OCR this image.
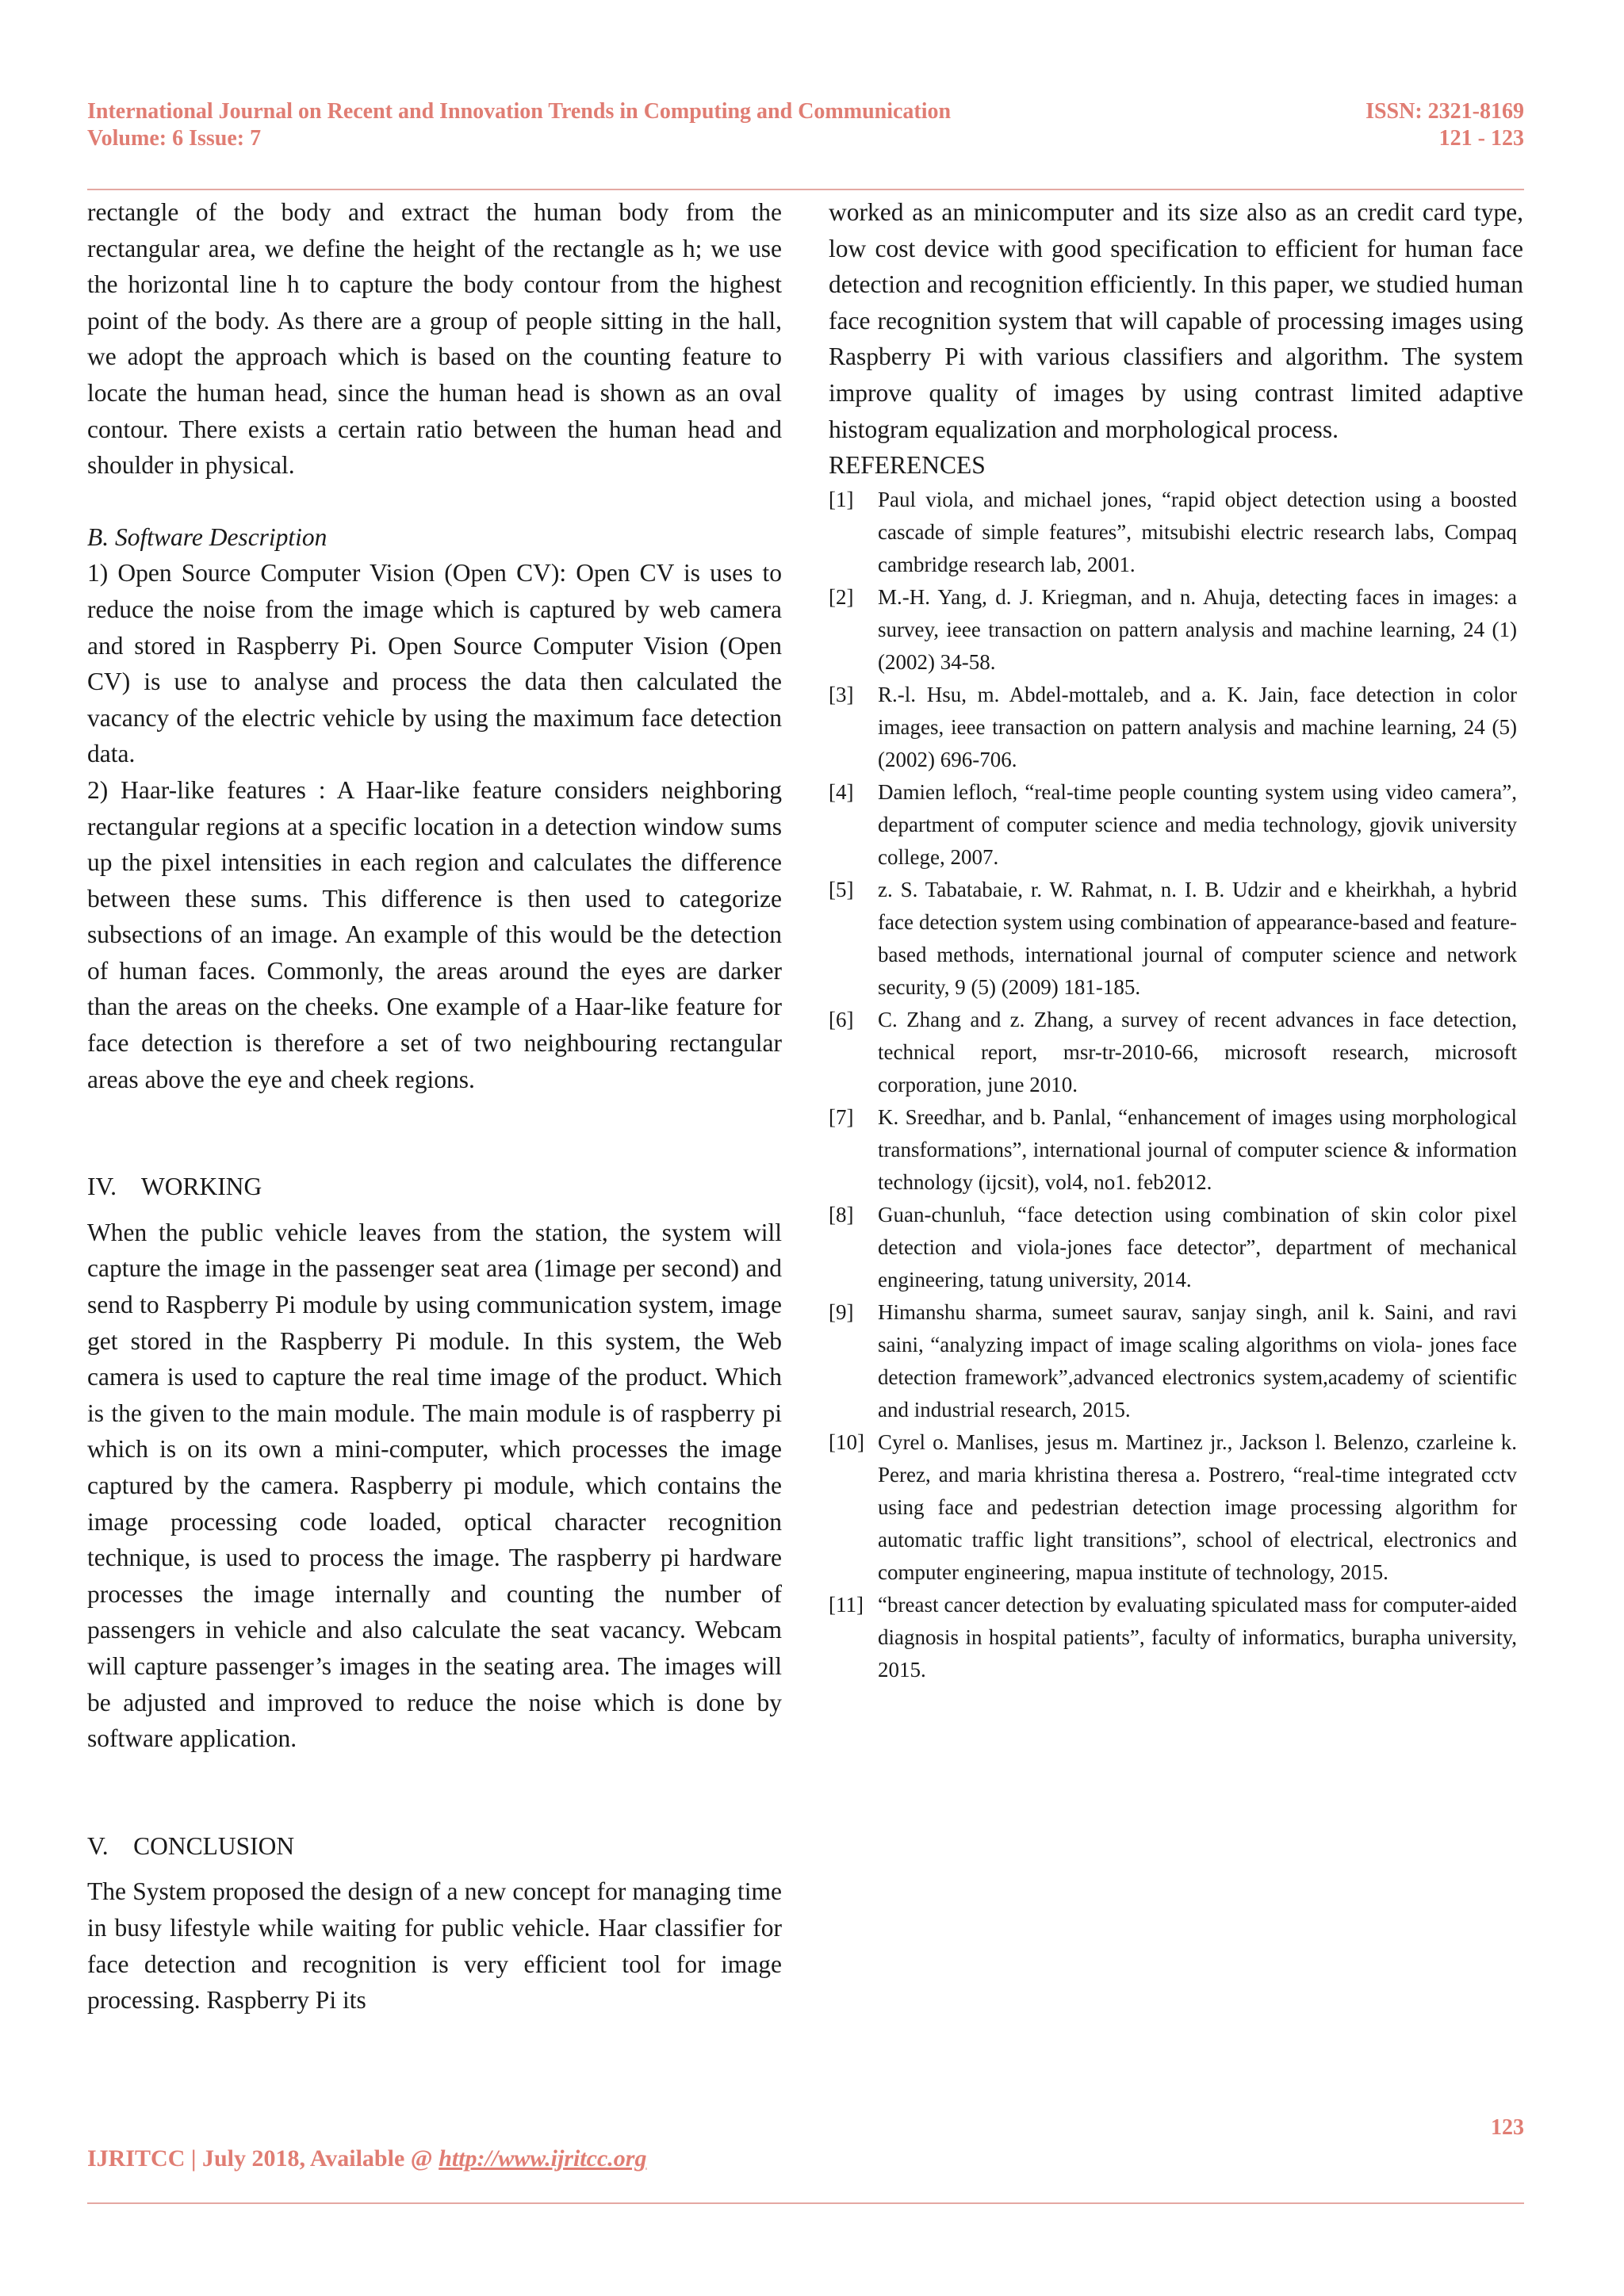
International Journal on Recent and Innovation Trends in Computing and Communication	ISSN: 2321-8169
Volume: 6 Issue: 7	121 - 123

rectangle of the body and extract the human body from the rectangular area, we define the height of the rectangle as h; we use the horizontal line h to capture the body contour from the highest point of the body. As there are a group of people sitting in the hall, we adopt the approach which is based on the counting feature to locate the human head, since the human head is shown as an oval contour. There exists a certain ratio between the human head and shoulder in physical.

B. Software Description

1) Open Source Computer Vision (Open CV): Open CV is uses to reduce the noise from the image which is captured by web camera and stored in Raspberry Pi. Open Source Computer Vision (Open CV) is use to analyse and process the data then calculated the vacancy of the electric vehicle by using the maximum face detection data.

2) Haar-like features : A Haar-like feature considers neighboring rectangular regions at a specific location in a detection window sums up the pixel intensities in each region and calculates the difference between these sums. This difference is then used to categorize subsections of an image. An example of this would be the detection of human faces. Commonly, the areas around the eyes are darker than the areas on the cheeks. One example of a Haar-like feature for face detection is therefore a set of two neighbouring rectangular areas above the eye and cheek regions.

IV.    WORKING

When the public vehicle leaves from the station, the system will capture the image in the passenger seat area (1image per second) and send to Raspberry Pi module by using communication system, image get stored in the Raspberry Pi module. In this system, the Web camera is used to capture the real time image of the product. Which is the given to the main module. The main module is of raspberry pi which is on its own a mini-computer, which processes the image captured by the camera. Raspberry pi module, which contains the image processing code loaded, optical character recognition technique, is used to process the image. The raspberry pi hardware processes the image internally and counting the number of passengers in vehicle and also calculate the seat vacancy. Webcam will capture passenger’s images in the seating area. The images will be adjusted and improved to reduce the noise which is done by software application.

V.    CONCLUSION

The System proposed the design of a new concept for managing time in busy lifestyle while waiting for public vehicle. Haar classifier for face detection and recognition is very efficient tool for image processing. Raspberry Pi its

worked as an minicomputer and its size also as an credit card type, low cost device with good specification to efficient for human face detection and recognition efficiently. In this paper, we studied human face recognition system that will capable of processing images using Raspberry Pi with various classifiers and algorithm. The system improve quality of images by using contrast limited adaptive histogram equalization and morphological process.

REFERENCES

[1]	Paul viola, and michael jones, “rapid object detection using a boosted cascade of simple features”, mitsubishi electric research labs, Compaq cambridge research lab, 2001.
[2]	M.-H. Yang, d. J. Kriegman, and n. Ahuja, detecting faces in images: a survey, ieee transaction on pattern analysis and machine learning, 24 (1) (2002) 34-58.
[3]	R.-l. Hsu, m. Abdel-mottaleb, and a. K. Jain, face detection in color images, ieee transaction on pattern analysis and machine learning, 24 (5) (2002) 696-706.
[4]	Damien lefloch, “real-time people counting system using video camera”, department of computer science and media technology, gjovik university college, 2007.
[5]	z. S. Tabatabaie, r. W. Rahmat, n. I. B. Udzir and e kheirkhah, a hybrid face detection system using combination of appearance-based and feature-based methods, international journal of computer science and network security, 9 (5) (2009) 181-185.
[6]	C. Zhang and z. Zhang, a survey of recent advances in face detection, technical report, msr-tr-2010-66, microsoft research, microsoft corporation, june 2010.
[7]	K. Sreedhar, and b. Panlal, “enhancement of images using morphological transformations”, international journal of computer science & information technology (ijcsit), vol4, no1. feb2012.
[8]	Guan-chunluh, “face detection using combination of skin color pixel detection and viola-jones face detector”, department of mechanical engineering, tatung university, 2014.
[9]	Himanshu sharma, sumeet saurav, sanjay singh, anil k. Saini, and ravi saini, “analyzing impact of image scaling algorithms on viola- jones face detection framework”,advanced electronics system,academy of scientific and industrial research, 2015.
[10] Cyrel o. Manlises, jesus m. Martinez jr., Jackson l. Belenzo, czarleine k. Perez, and maria khristina theresa a. Postrero, “real-time integrated cctv using face and pedestrian detection image processing algorithm for automatic traffic light transitions”, school of electrical, electronics and computer engineering, mapua institute of technology, 2015.
[11] “breast cancer detection by evaluating spiculated mass for computer-aided diagnosis in hospital patients”, faculty of informatics, burapha university, 2015.
123
IJRITCC | July 2018, Available @ http://www.ijritcc.org
